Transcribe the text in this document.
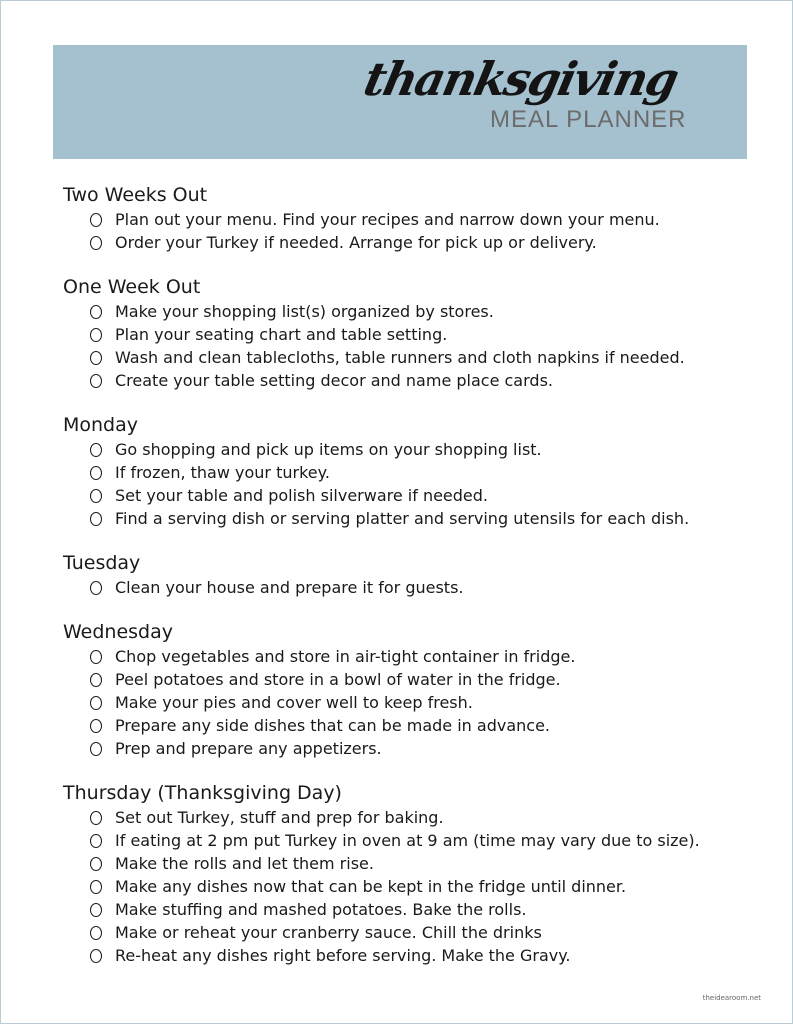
thanksgiving
MEAL PLANNER
Two Weeks Out
Plan out your menu. Find your recipes and narrow down your menu.
Order your Turkey if needed. Arrange for pick up or delivery.
One Week Out
Make your shopping list(s) organized by stores.
Plan your seating chart and table setting.
Wash and clean tablecloths, table runners and cloth napkins if needed.
Create your table setting decor and name place cards.
Monday
Go shopping and pick up items on your shopping list.
If frozen, thaw your turkey.
Set your table and polish silverware if needed.
Find a serving dish or serving platter and serving utensils for each dish.
Tuesday
Clean your house and prepare it for guests.
Wednesday
Chop vegetables and store in air-tight container in fridge.
Peel potatoes and store in a bowl of water in the fridge.
Make your pies and cover well to keep fresh.
Prepare any side dishes that can be made in advance.
Prep and prepare any appetizers.
Thursday (Thanksgiving Day)
Set out Turkey, stuff and prep for baking.
If eating at 2 pm put Turkey in oven at 9 am (time may vary due to size).
Make the rolls and let them rise.
Make any dishes now that can be kept in the fridge until dinner.
Make stuffing and mashed potatoes. Bake the rolls.
Make or reheat your cranberry sauce. Chill the drinks
Re-heat any dishes right before serving. Make the Gravy.
theidearoom.net
